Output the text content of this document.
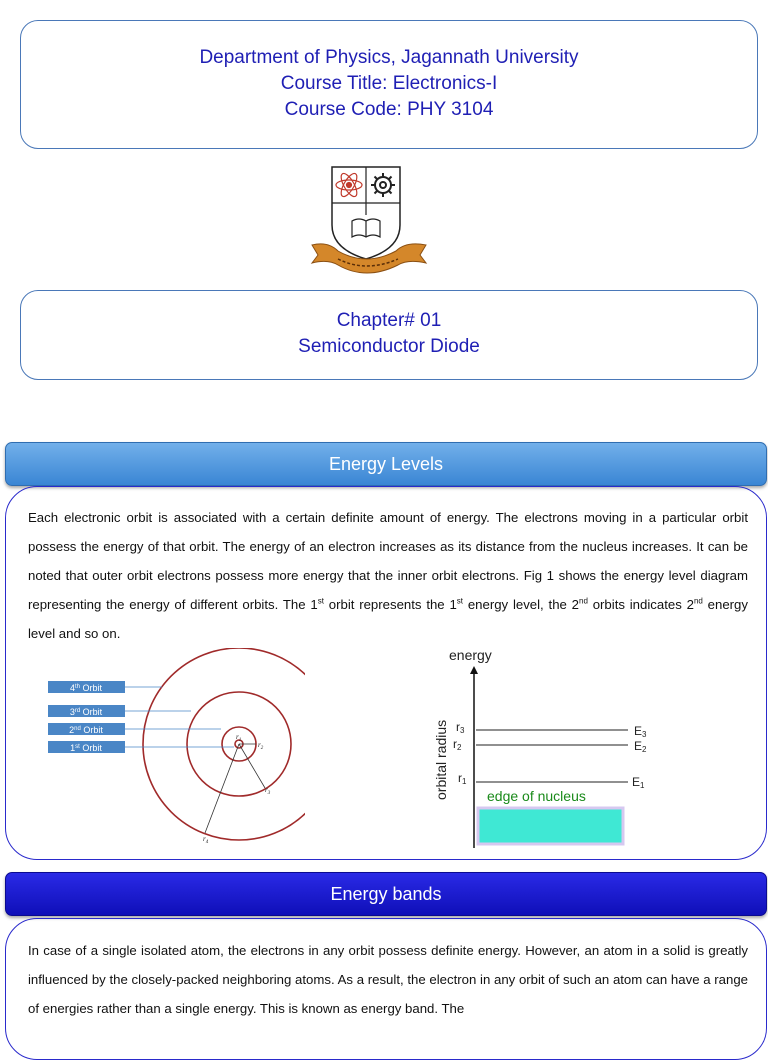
Department of Physics, Jagannath University
Course Title: Electronics-I
Course Code: PHY 3104
Chapter# 01
Semiconductor Diode
Energy Levels
Each electronic orbit is associated with a certain definite amount of energy. The electrons moving in a particular orbit possess the energy of that orbit. The energy of an electron increases as its distance from the nucleus increases. It can be noted that outer orbit electrons possess more energy that the inner orbit electrons. Fig 1 shows the energy level diagram representing the energy of different orbits. The 1st orbit represents the 1st energy level, the 2nd orbits indicates 2nd energy level and so on.
4th Orbit
3rd Orbit
2nd Orbit
1st Orbit
$r_1$
$r_2$
$r_3$
$r_4$
energy
orbital radius r3
r2
r1
E3
E2
E1
edge of nucleus
Energy bands
In case of a single isolated atom, the electrons in any orbit possess definite energy. However, an atom in a solid is greatly influenced by the closely-packed neighboring atoms. As a result, the electron in any orbit of such an atom can have a range of energies rather than a single energy. This is known as energy band. The
